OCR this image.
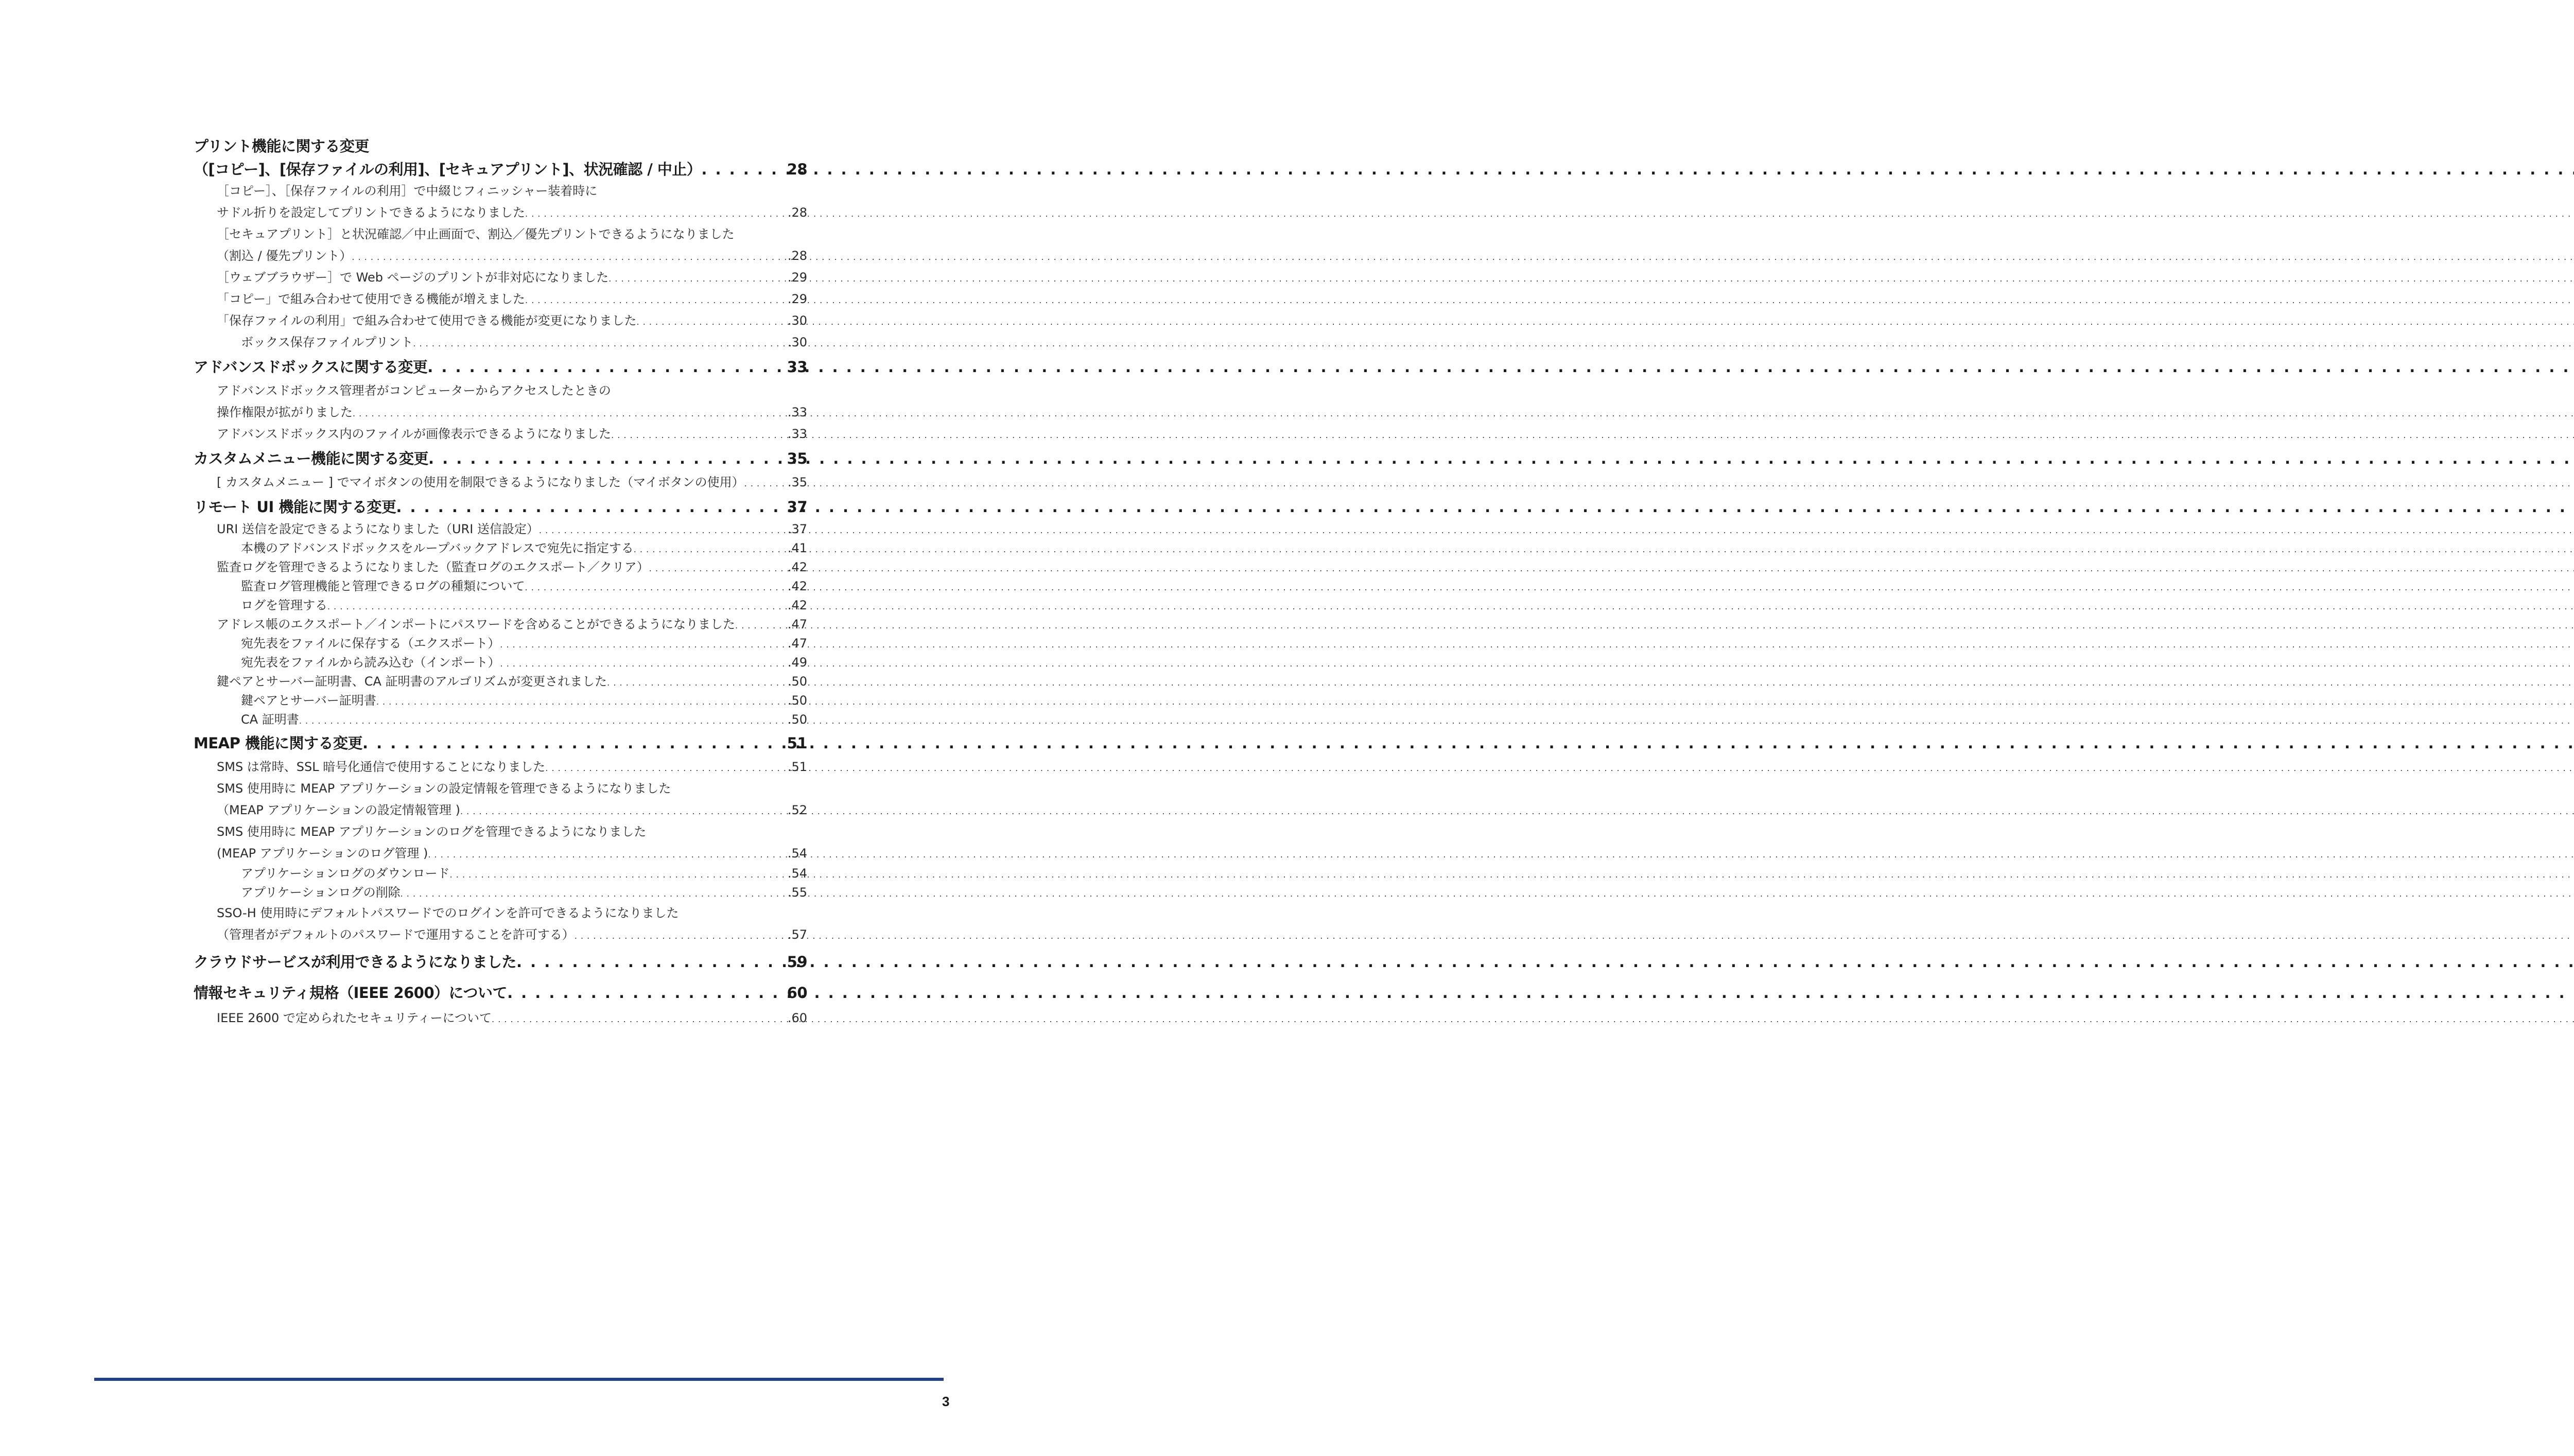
プリント機能に関する変更
（[コピー]、[保存ファイルの利用]、[セキュアプリント]、状況確認 / 中止） . . .	28
［コピー］、［保存ファイルの利用］で中綴じフィニッシャー装着時に
サドル折りを設定してプリントできるようになりました . . .	.28
［セキュアプリント］と状況確認／中止画面で、割込／優先プリントできるようになりました
（割込 / 優先プリント） . . .	.28
［ウェブブラウザー］で Web ページのプリントが非対応になりました . . .	.29
「コピー」で組み合わせて使用できる機能が増えました . . .	.29
「保存ファイルの利用」で組み合わせて使用できる機能が変更になりました . . .	.30
ボックス保存ファイルプリント . . .	.30
アドバンスドボックスに関する変更 . . .	33
アドバンスドボックス管理者がコンピューターからアクセスしたときの
操作権限が拡がりました . . .	.33
アドバンスドボックス内のファイルが画像表示できるようになりました . . .	.33
カスタムメニュー機能に関する変更 . . .	35
[ カスタムメニュー ] でマイボタンの使用を制限できるようになりました（マイボタンの使用） . . .	.35
リモート UI 機能に関する変更 . . .	37
URI 送信を設定できるようになりました（URI 送信設定） . . .	.37
本機のアドバンスドボックスをループバックアドレスで宛先に指定する . . .	.41
監査ログを管理できるようになりました（監査ログのエクスポート／クリア） . . .	.42
監査ログ管理機能と管理できるログの種類について . . .	.42
ログを管理する . . .	.42
アドレス帳のエクスポート／インポートにパスワードを含めることができるようになりました . . .	.47
宛先表をファイルに保存する（エクスポート） . . .	.47
宛先表をファイルから読み込む（インポート） . . .	.49
鍵ペアとサーバー証明書、CA 証明書のアルゴリズムが変更されました . . .	.50
鍵ペアとサーバー証明書 . . .	.50
CA 証明書 . . .	.50
MEAP 機能に関する変更 . . .	51
SMS は常時、SSL 暗号化通信で使用することになりました . . .	.51
SMS 使用時に MEAP アプリケーションの設定情報を管理できるようになりました
（MEAP アプリケーションの設定情報管理 ) . . .	.52
SMS 使用時に MEAP アプリケーションのログを管理できるようになりました
(MEAP アプリケーションのログ管理 ) . . .	.54
アプリケーションログのダウンロード . . .	.54
アプリケーションログの削除 . . .	.55
SSO-H 使用時にデフォルトパスワードでのログインを許可できるようになりました
（管理者がデフォルトのパスワードで運用することを許可する） . . .	.57
クラウドサービスが利用できるようになりました . . .	59
情報セキュリティ規格（IEEE 2600）について . . .	60
IEEE 2600 で定められたセキュリティーについて . . .	.60
3
